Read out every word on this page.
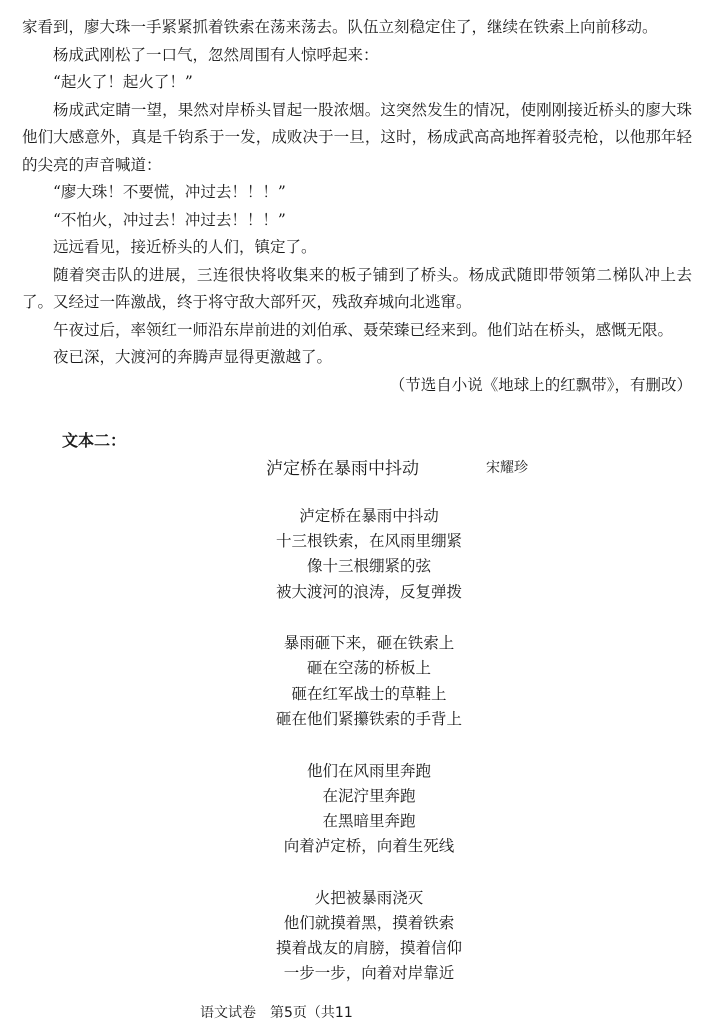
家看到，廖大珠一手紧紧抓着铁索在荡来荡去。队伍立刻稳定住了，继续在铁索上向前移动。

杨成武刚松了一口气，忽然周围有人惊呼起来：

“起火了！起火了！”

杨成武定睛一望，果然对岸桥头冒起一股浓烟。这突然发生的情况，使刚刚接近桥头的廖大珠他们大感意外，真是千钧系于一发，成败决于一旦，这时，杨成武高高地挥着驳壳枪，以他那年轻的尖亮的声音喊道：

“廖大珠！不要慌，冲过去！！！”

“不怕火，冲过去！冲过去！！！”

远远看见，接近桥头的人们，镇定了。

随着突击队的进展，三连很快将收集来的板子铺到了桥头。杨成武随即带领第二梯队冲上去了。又经过一阵激战，终于将守敌大部歼灭，残敌弃城向北逃窜。

午夜过后，率领红一师沿东岸前进的刘伯承、聂荣臻已经来到。他们站在桥头，感慨无限。

夜已深，大渡河的奔腾声显得更激越了。

（节选自小说《地球上的红飘带》，有删改）

文本二：
泸定桥在暴雨中抖动	宋耀珍
泸定桥在暴雨中抖动
十三根铁索，在风雨里绷紧
像十三根绷紧的弦
被大渡河的浪涛，反复弹拨
暴雨砸下来，砸在铁索上
砸在空荡的桥板上
砸在红军战士的草鞋上
砸在他们紧攥铁索的手背上
他们在风雨里奔跑
在泥泞里奔跑
在黑暗里奔跑
向着泸定桥，向着生死线
火把被暴雨浇灭
他们就摸着黑，摸着铁索
摸着战友的肩膀，摸着信仰
一步一步，向着对岸靠近
语文试卷　第5页（共11
